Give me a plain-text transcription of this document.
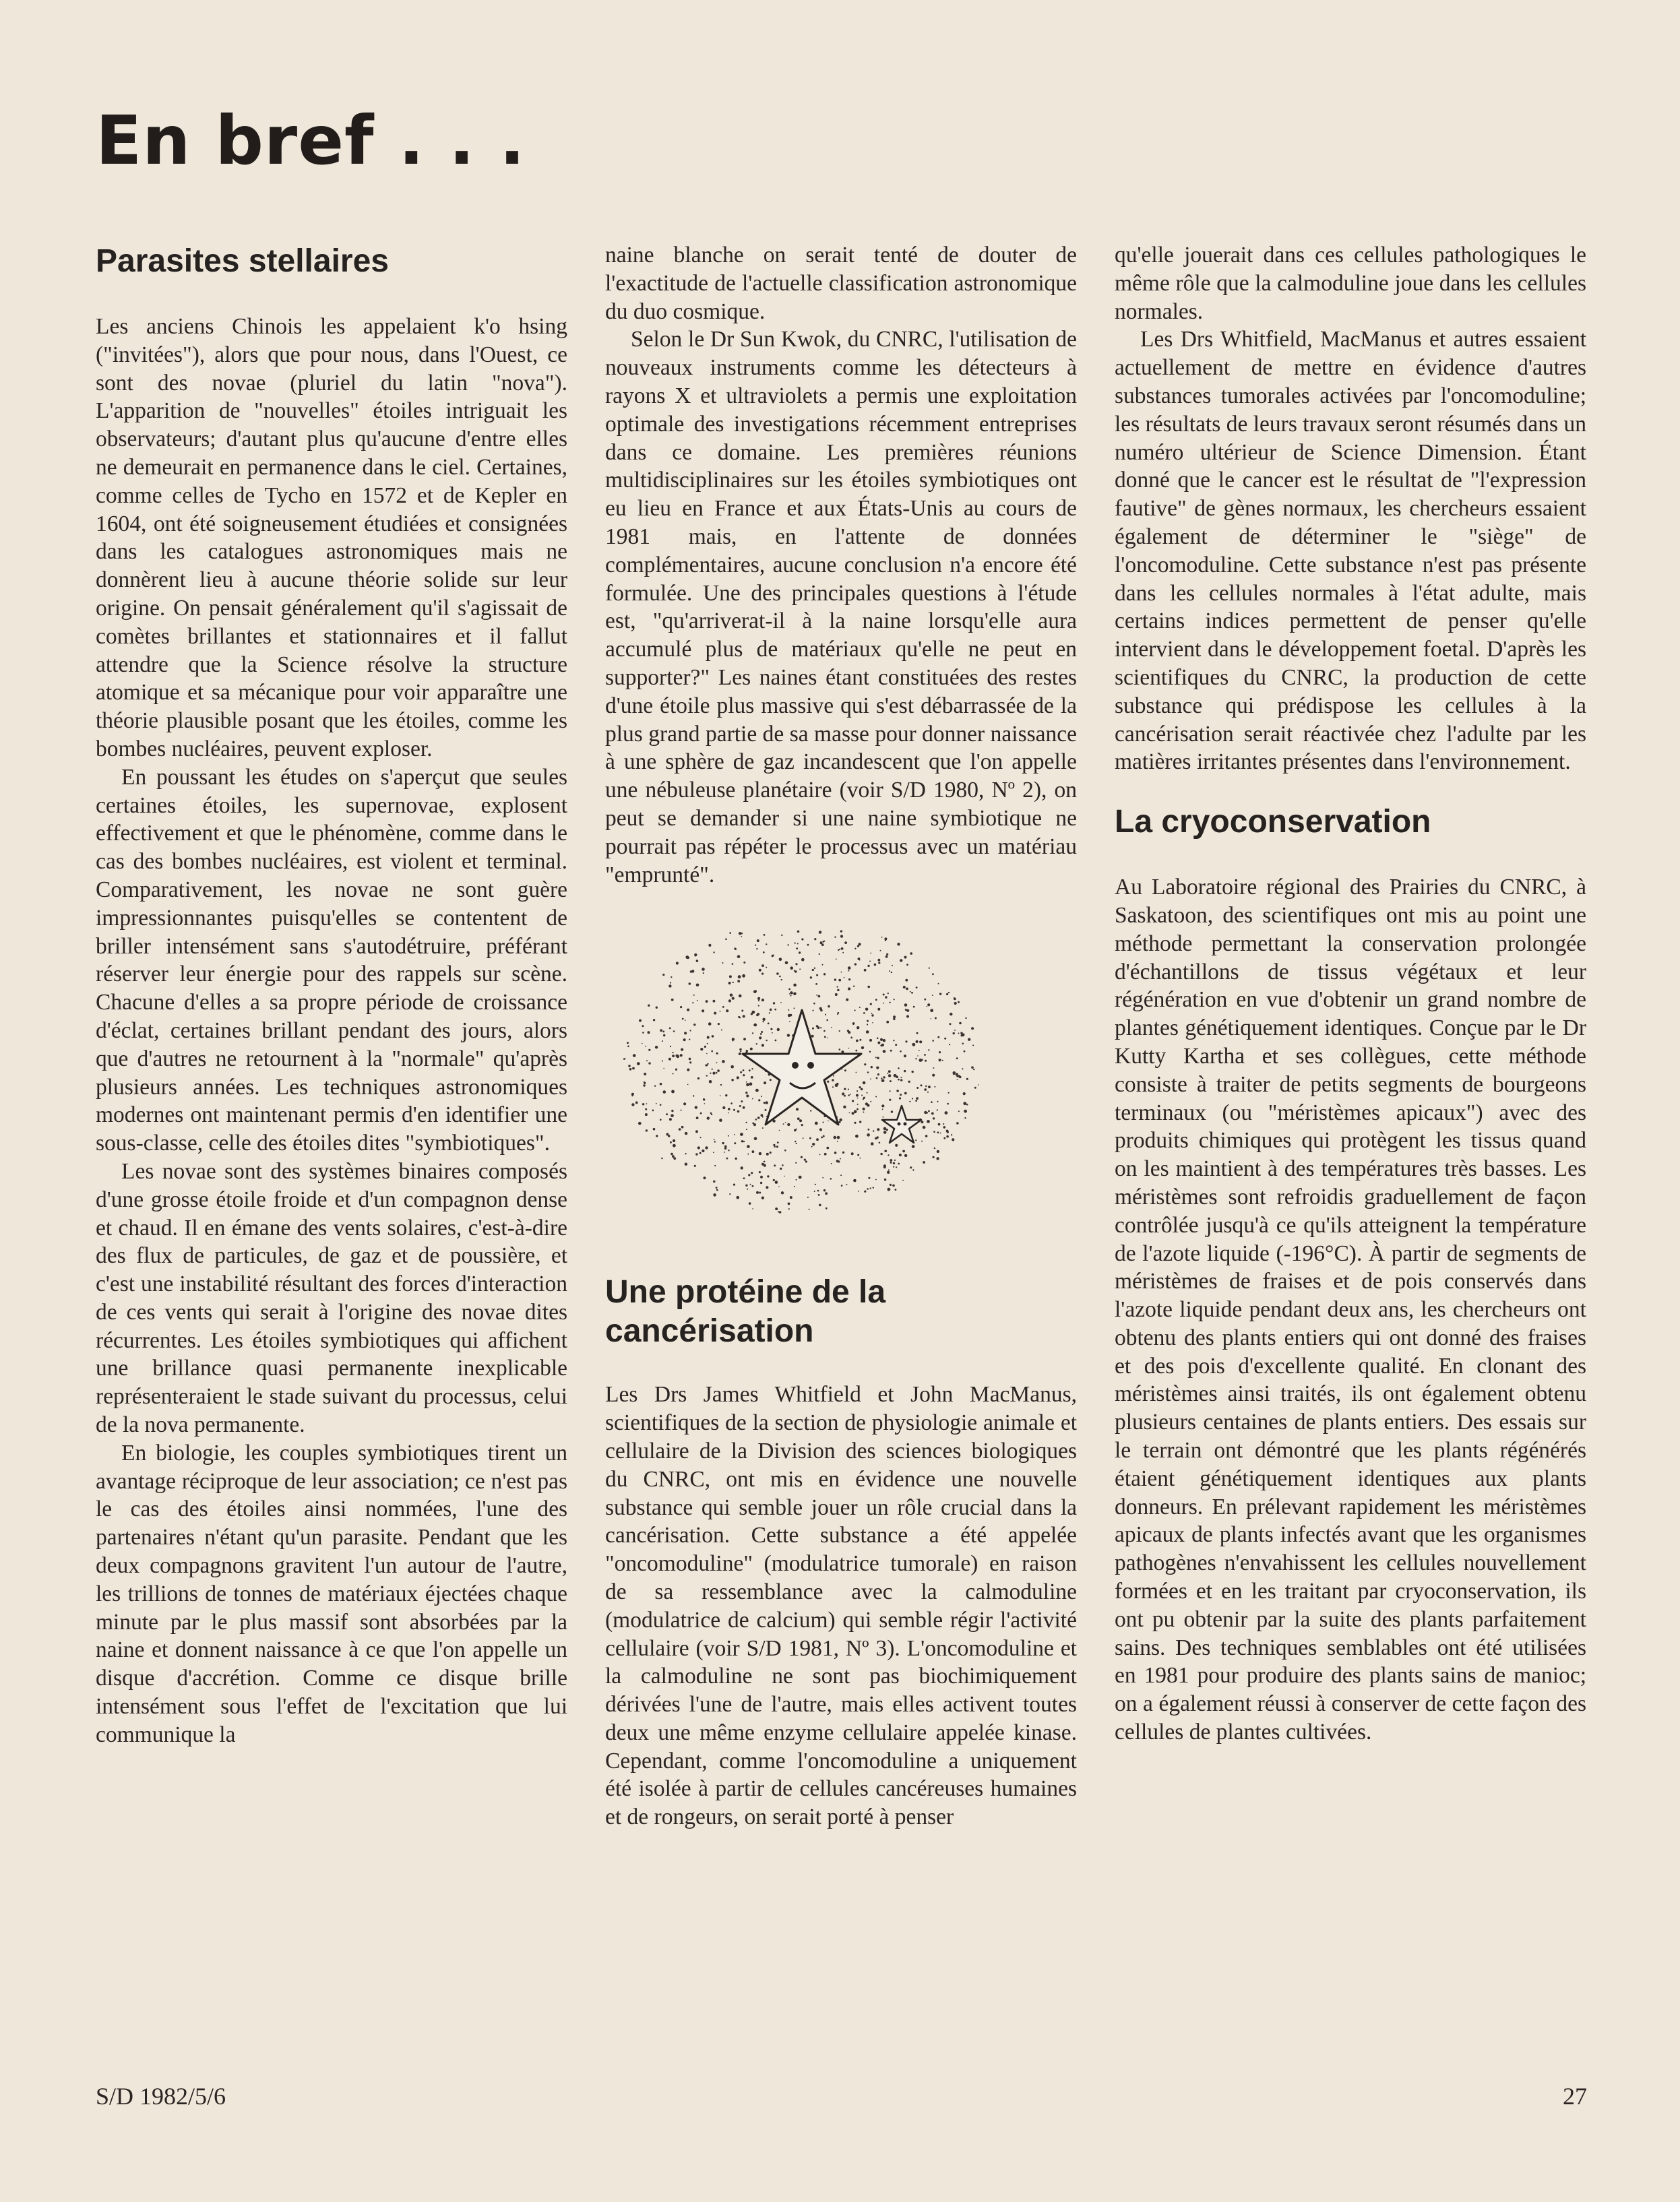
En bref . . .
Parasites stellaires

Les anciens Chinois les appelaient k'o hsing ("invitées"), alors que pour nous, dans l'Ouest, ce sont des novae (pluriel du latin "nova"). L'apparition de "nouvelles" étoiles intriguait les observateurs; d'autant plus qu'aucune d'entre elles ne demeurait en permanence dans le ciel. Certaines, comme celles de Tycho en 1572 et de Kepler en 1604, ont été soigneusement étudiées et consignées dans les catalogues astronomiques mais ne donnèrent lieu à aucune théorie solide sur leur origine. On pensait généralement qu'il s'agissait de comètes brillantes et stationnaires et il fallut attendre que la Science résolve la structure atomique et sa mécanique pour voir apparaître une théorie plausible posant que les étoiles, comme les bombes nucléaires, peuvent exploser.

En poussant les études on s'aperçut que seules certaines étoiles, les supernovae, explosent effectivement et que le phénomène, comme dans le cas des bombes nucléaires, est violent et terminal. Comparativement, les novae ne sont guère impressionnantes puisqu'elles se contentent de briller intensément sans s'autodétruire, préférant réserver leur énergie pour des rappels sur scène. Chacune d'elles a sa propre période de croissance d'éclat, certaines brillant pendant des jours, alors que d'autres ne retournent à la "normale" qu'après plusieurs années. Les techniques astronomiques modernes ont maintenant permis d'en identifier une sous-classe, celle des étoiles dites "symbiotiques".

Les novae sont des systèmes binaires composés d'une grosse étoile froide et d'un compagnon dense et chaud. Il en émane des vents solaires, c'est-à-dire des flux de particules, de gaz et de poussière, et c'est une instabilité résultant des forces d'interaction de ces vents qui serait à l'origine des novae dites récurrentes. Les étoiles symbiotiques qui affichent une brillance quasi permanente inexplicable représenteraient le stade suivant du processus, celui de la nova permanente.

En biologie, les couples symbiotiques tirent un avantage réciproque de leur association; ce n'est pas le cas des étoiles ainsi nommées, l'une des partenaires n'étant qu'un parasite. Pendant que les deux compagnons gravitent l'un autour de l'autre, les trillions de tonnes de matériaux éjectées chaque minute par le plus massif sont absorbées par la naine et donnent naissance à ce que l'on appelle un disque d'accrétion. Comme ce disque brille intensément sous l'effet de l'excitation que lui communique la

naine blanche on serait tenté de douter de l'exactitude de l'actuelle classification astronomique du duo cosmique.

Selon le Dr Sun Kwok, du CNRC, l'utilisation de nouveaux instruments comme les détecteurs à rayons X et ultraviolets a permis une exploitation optimale des investigations récemment entreprises dans ce domaine. Les premières réunions multidisciplinaires sur les étoiles symbiotiques ont eu lieu en France et aux États-Unis au cours de 1981 mais, en l'attente de données complémentaires, aucune conclusion n'a encore été formulée. Une des principales questions à l'étude est, "qu'arriverat-il à la naine lorsqu'elle aura accumulé plus de matériaux qu'elle ne peut en supporter?" Les naines étant constituées des restes d'une étoile plus massive qui s'est débarrassée de la plus grand partie de sa masse pour donner naissance à une sphère de gaz incandescent que l'on appelle une nébuleuse planétaire (voir S/D 1980, Nº 2), on peut se demander si une naine symbiotique ne pourrait pas répéter le processus avec un matériau "emprunté".

Une protéine de la cancérisation

Les Drs James Whitfield et John MacManus, scientifiques de la section de physiologie animale et cellulaire de la Division des sciences biologiques du CNRC, ont mis en évidence une nouvelle substance qui semble jouer un rôle crucial dans la cancérisation. Cette substance a été appelée "oncomoduline" (modulatrice tumorale) en raison de sa ressemblance avec la calmoduline (modulatrice de calcium) qui semble régir l'activité cellulaire (voir S/D 1981, Nº 3). L'oncomoduline et la calmoduline ne sont pas biochimiquement dérivées l'une de l'autre, mais elles activent toutes deux une même enzyme cellulaire appelée kinase. Cependant, comme l'oncomoduline a uniquement été isolée à partir de cellules cancéreuses humaines et de rongeurs, on serait porté à penser

qu'elle jouerait dans ces cellules pathologiques le même rôle que la calmoduline joue dans les cellules normales.

Les Drs Whitfield, MacManus et autres essaient actuellement de mettre en évidence d'autres substances tumorales activées par l'oncomoduline; les résultats de leurs travaux seront résumés dans un numéro ultérieur de Science Dimension. Étant donné que le cancer est le résultat de "l'expression fautive" de gènes normaux, les chercheurs essaient également de déterminer le "siège" de l'oncomoduline. Cette substance n'est pas présente dans les cellules normales à l'état adulte, mais certains indices permettent de penser qu'elle intervient dans le développement foetal. D'après les scientifiques du CNRC, la production de cette substance qui prédispose les cellules à la cancérisation serait réactivée chez l'adulte par les matières irritantes présentes dans l'environnement.

La cryoconservation

Au Laboratoire régional des Prairies du CNRC, à Saskatoon, des scientifiques ont mis au point une méthode permettant la conservation prolongée d'échantillons de tissus végétaux et leur régénération en vue d'obtenir un grand nombre de plantes génétiquement identiques. Conçue par le Dr Kutty Kartha et ses collègues, cette méthode consiste à traiter de petits segments de bourgeons terminaux (ou "méristèmes apicaux") avec des produits chimiques qui protègent les tissus quand on les maintient à des températures très basses. Les méristèmes sont refroidis graduellement de façon contrôlée jusqu'à ce qu'ils atteignent la température de l'azote liquide (-196°C). À partir de segments de méristèmes de fraises et de pois conservés dans l'azote liquide pendant deux ans, les chercheurs ont obtenu des plants entiers qui ont donné des fraises et des pois d'excellente qualité. En clonant des méristèmes ainsi traités, ils ont également obtenu plusieurs centaines de plants entiers. Des essais sur le terrain ont démontré que les plants régénérés étaient génétiquement identiques aux plants donneurs. En prélevant rapidement les méristèmes apicaux de plants infectés avant que les organismes pathogènes n'envahissent les cellules nouvellement formées et en les traitant par cryoconservation, ils ont pu obtenir par la suite des plants parfaitement sains. Des techniques semblables ont été utilisées en 1981 pour produire des plants sains de manioc; on a également réussi à conserver de cette façon des cellules de plantes cultivées.

S/D 1982/5/6	27
